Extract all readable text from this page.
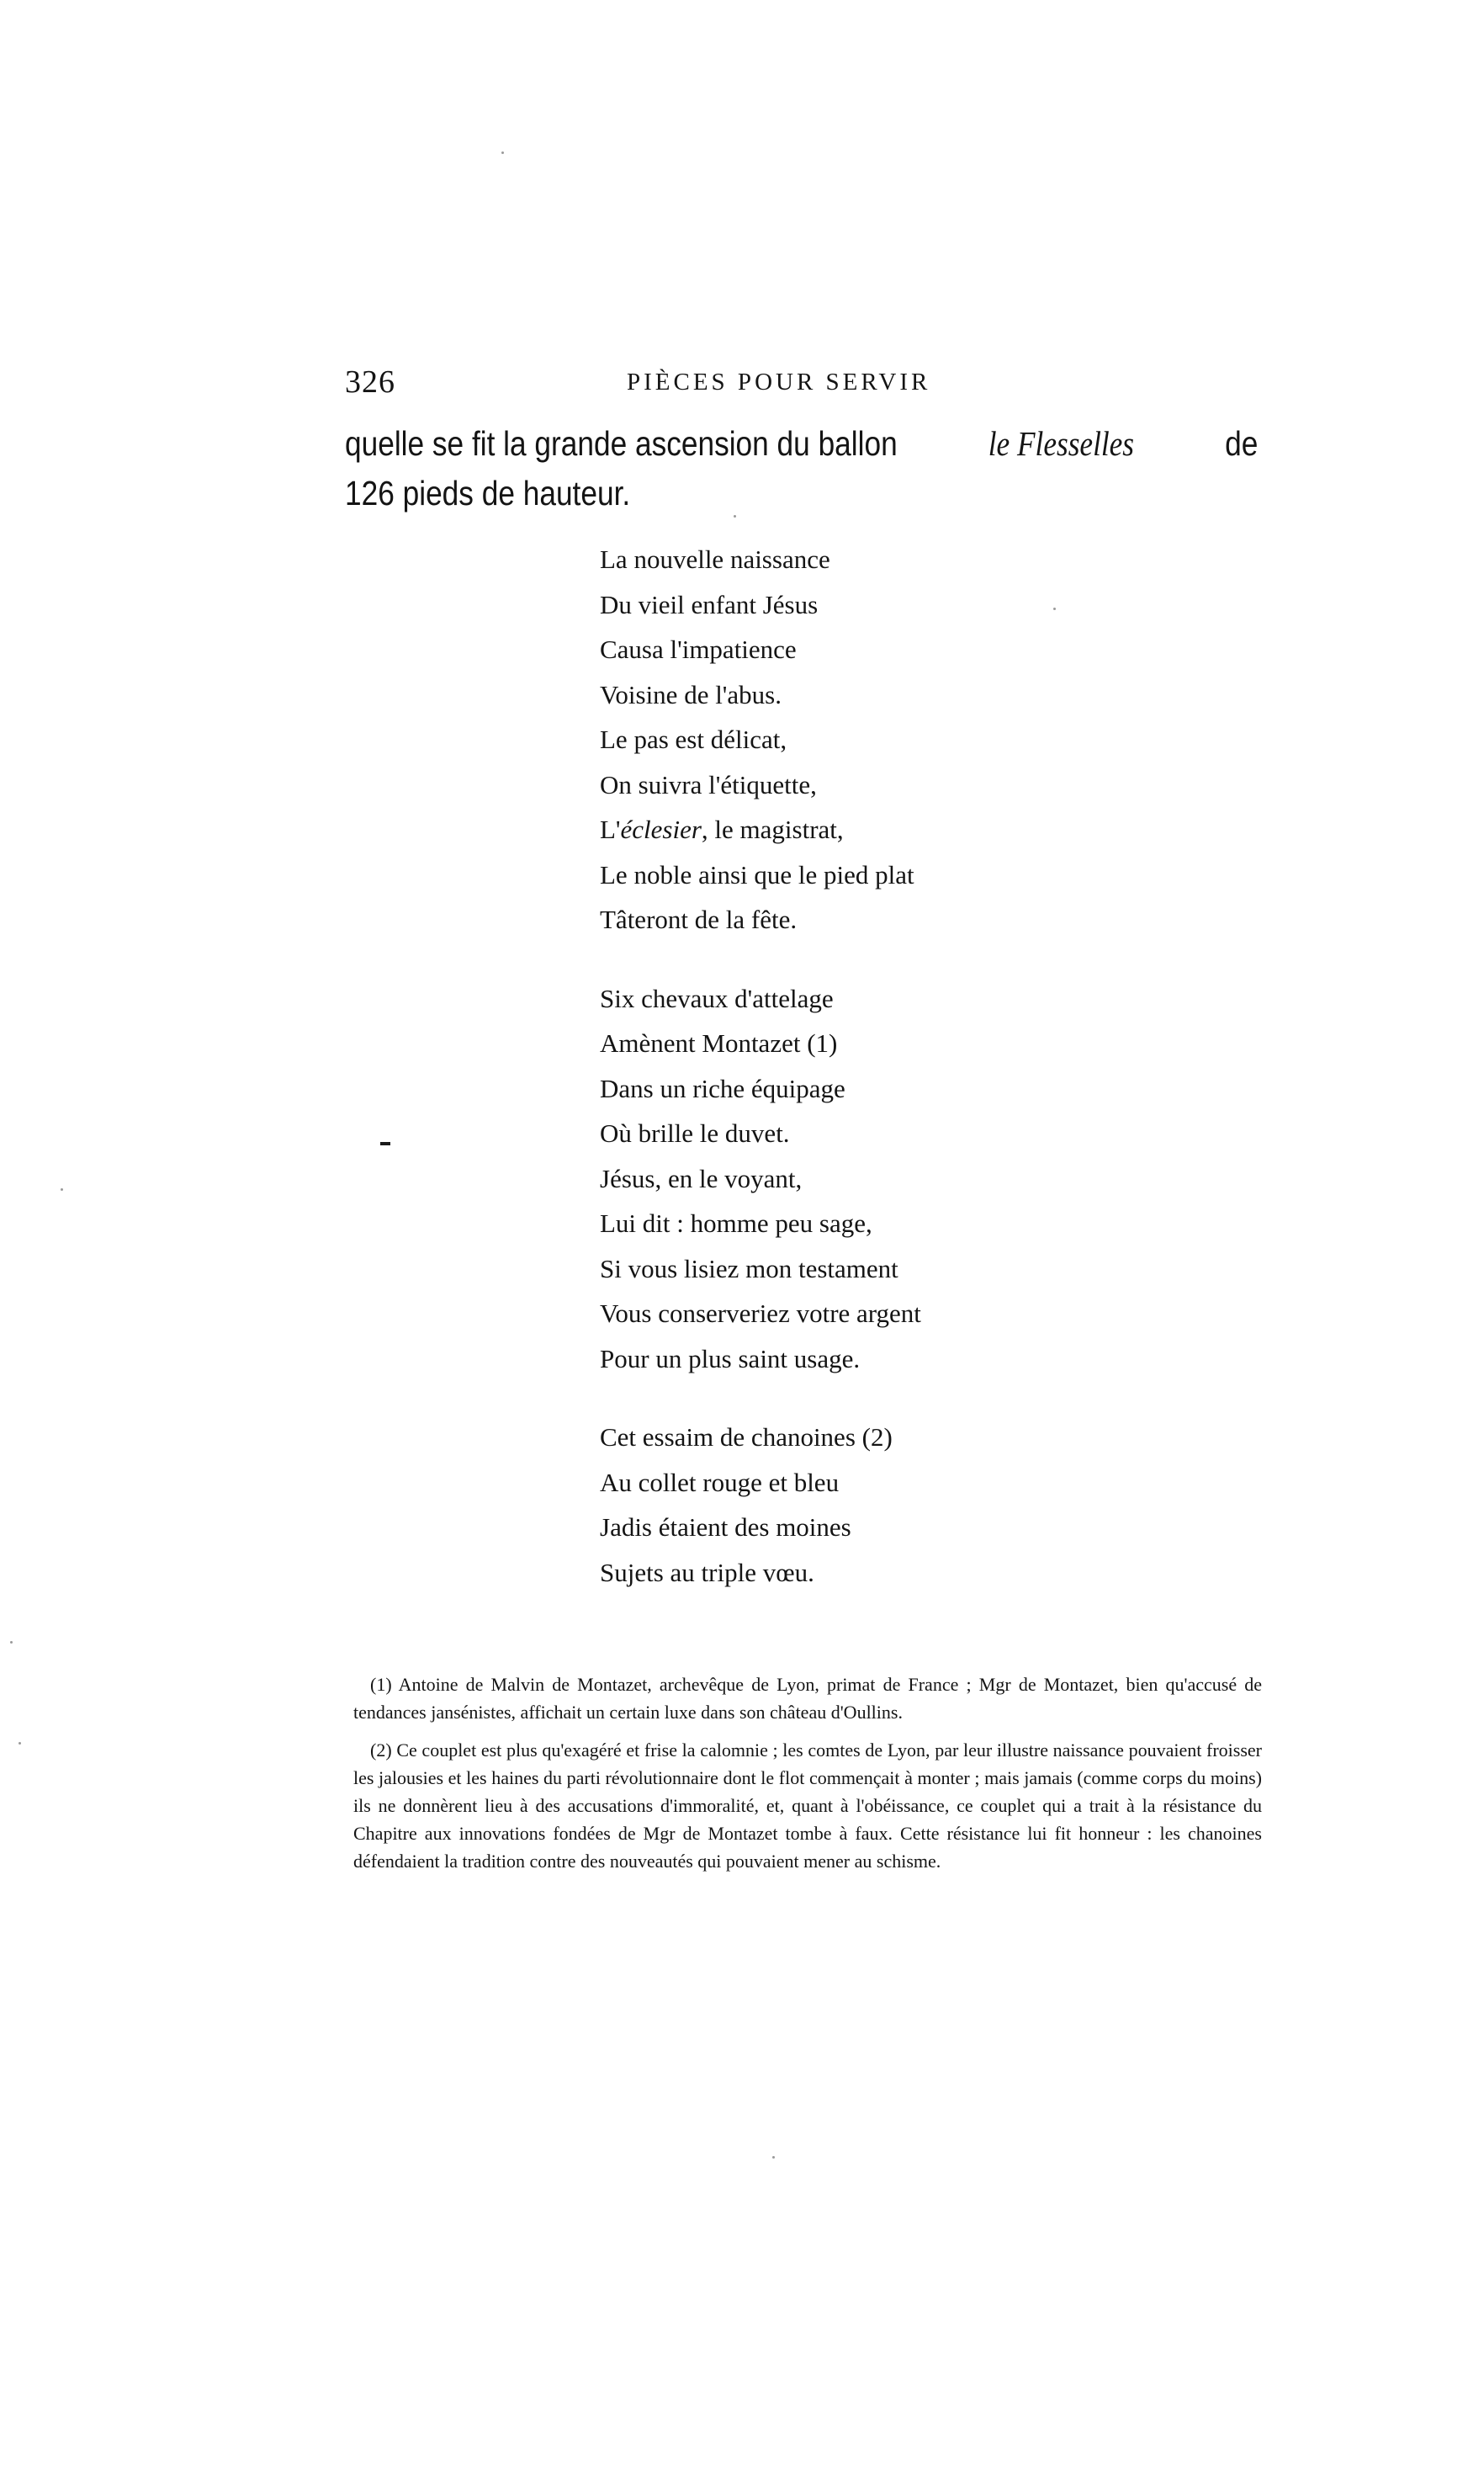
326	PIÈCES POUR SERVIR
quelle se fit la grande ascension du ballon	le Flesselles	de
126 pieds de hauteur.
La nouvelle naissance
Du vieil enfant Jésus
Causa l'impatience
Voisine de l'abus.
Le pas est délicat,
On suivra l'étiquette,
L'éclesier, le magistrat,
Le noble ainsi que le pied plat
Tâteront de la fête.
Six chevaux d'attelage
Amènent Montazet (1)
Dans un riche équipage
Où brille le duvet.
Jésus, en le voyant,
Lui dit : homme peu sage,
Si vous lisiez mon testament
Vous conserveriez votre argent
Pour un plus saint usage.
Cet essaim de chanoines (2)
Au collet rouge et bleu
Jadis étaient des moines
Sujets au triple vœu.

(1) Antoine de Malvin de Montazet, archevêque de Lyon, primat de France ; Mgr de Montazet, bien qu'accusé de tendances jansénistes, affichait un certain luxe dans son château d'Oullins.

(2) Ce couplet est plus qu'exagéré et frise la calomnie ; les comtes de Lyon, par leur illustre naissance pouvaient froisser les jalousies et les haines du parti révolutionnaire dont le flot commençait à monter ; mais jamais (comme corps du moins) ils ne donnèrent lieu à des accusations d'immoralité, et, quant à l'obéissance, ce couplet qui a trait à la résistance du Chapitre aux innovations fondées de Mgr de Montazet tombe à faux. Cette résistance lui fit honneur : les chanoines défendaient la tradition contre des nouveautés qui pouvaient mener au schisme.
